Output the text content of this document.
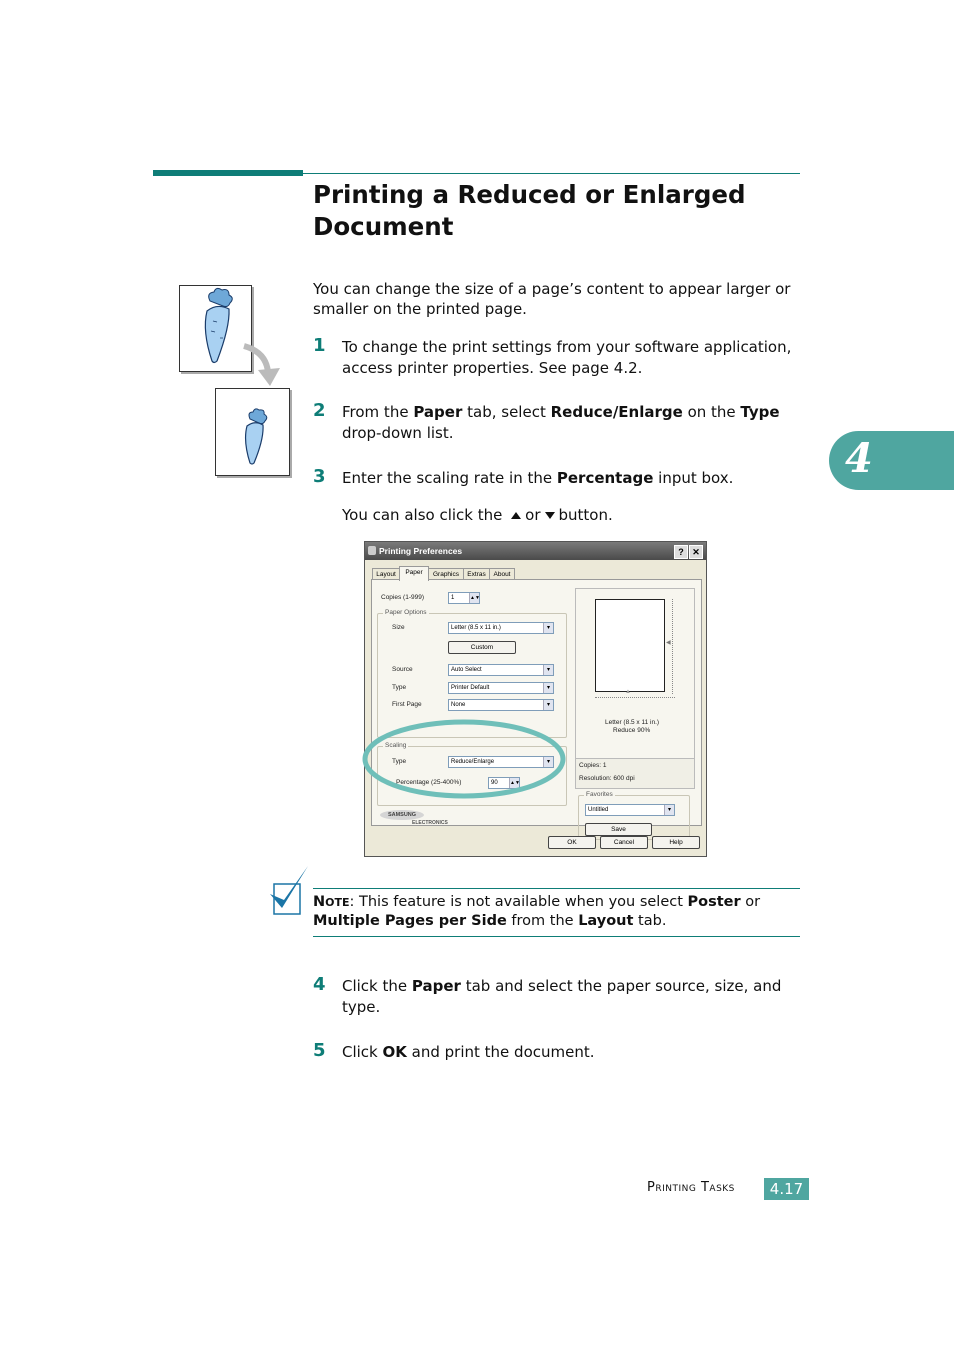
Printing a Reduced or Enlarged Document
You can change the size of a page’s content to appear larger or smaller on the printed page.
1 To change the print settings from your software application, access printer properties. See page 4.2.
2 From the Paper tab, select Reduce/Enlarge on the Type drop-down list.
3 Enter the scaling rate in the Percentage input box.
You can also click the or button.
Printing Preferences	? ✕
Layout	Paper	Graphics	Extras	About
Copies (1-999)	1	▲▼
Paper Options
Size	Letter (8.5 x 11 in.)	▾
Custom
Source	Auto Select	▾
Type	Printer Default	▾
First Page	None	▾
Scaling
Type	Reduce/Enlarge	▾
Percentage (25-400%)	90 ▲▼
◀
▲
Letter (8.5 x 11 in.)
Reduce 90%
Copies: 1
Resolution: 600 dpi
Favorites
Untitled	▾
Save
SAMSUNG
ELECTRONICS
OK	Cancel	Help
NOTE: This feature is not available when you select Poster or Multiple Pages per Side from the Layout tab.
4 Click the Paper tab and select the paper source, size, and type.
5 Click OK and print the document.
4
Printing Tasks	4.17
